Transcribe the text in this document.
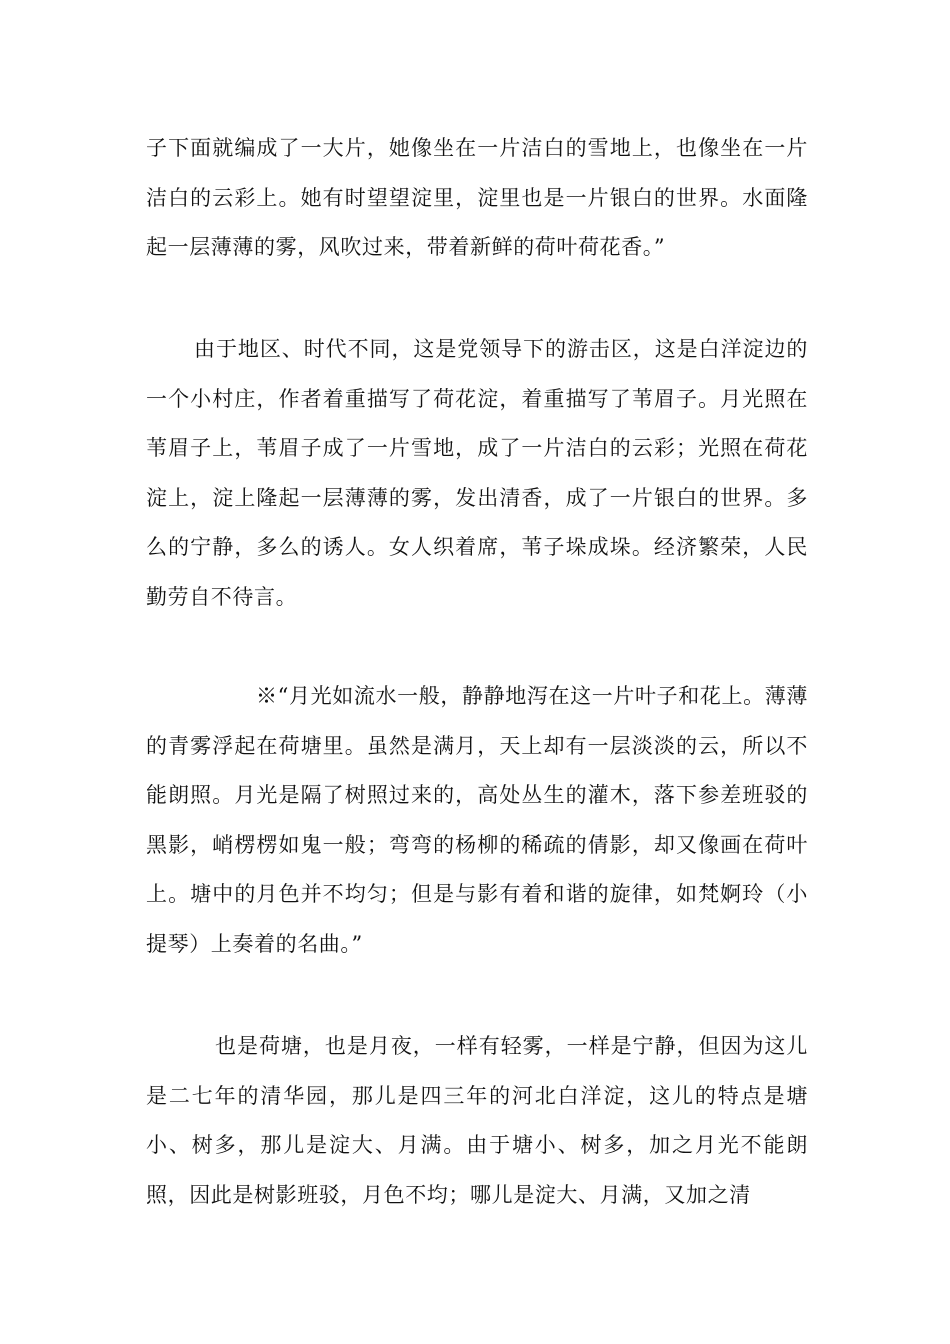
子下面就编成了一大片，她像坐在一片洁白的雪地上，也像坐在一片洁白的云彩上。她有时望望淀里，淀里也是一片银白的世界。水面隆起一层薄薄的雾，风吹过来，带着新鲜的荷叶荷花香。”

由于地区、时代不同，这是党领导下的游击区，这是白洋淀边的一个小村庄，作者着重描写了荷花淀，着重描写了苇眉子。月光照在苇眉子上，苇眉子成了一片雪地，成了一片洁白的云彩；光照在荷花淀上，淀上隆起一层薄薄的雾，发出清香，成了一片银白的世界。多么的宁静，多么的诱人。女人织着席，苇子垛成垛。经济繁荣，人民勤劳自不待言。

※“月光如流水一般，静静地泻在这一片叶子和花上。薄薄的青雾浮起在荷塘里。虽然是满月，天上却有一层淡淡的云，所以不能朗照。月光是隔了树照过来的，高处丛生的灌木，落下参差班驳的黑影，峭楞楞如鬼一般；弯弯的杨柳的稀疏的倩影，却又像画在荷叶上。塘中的月色并不均匀；但是与影有着和谐的旋律，如梵婀玲（小提琴）上奏着的名曲。”

也是荷塘，也是月夜，一样有轻雾，一样是宁静，但因为这儿是二七年的清华园，那儿是四三年的河北白洋淀，这儿的特点是塘小、树多，那儿是淀大、月满。由于塘小、树多，加之月光不能朗照，因此是树影班驳，月色不均；哪儿是淀大、月满，又加之清
